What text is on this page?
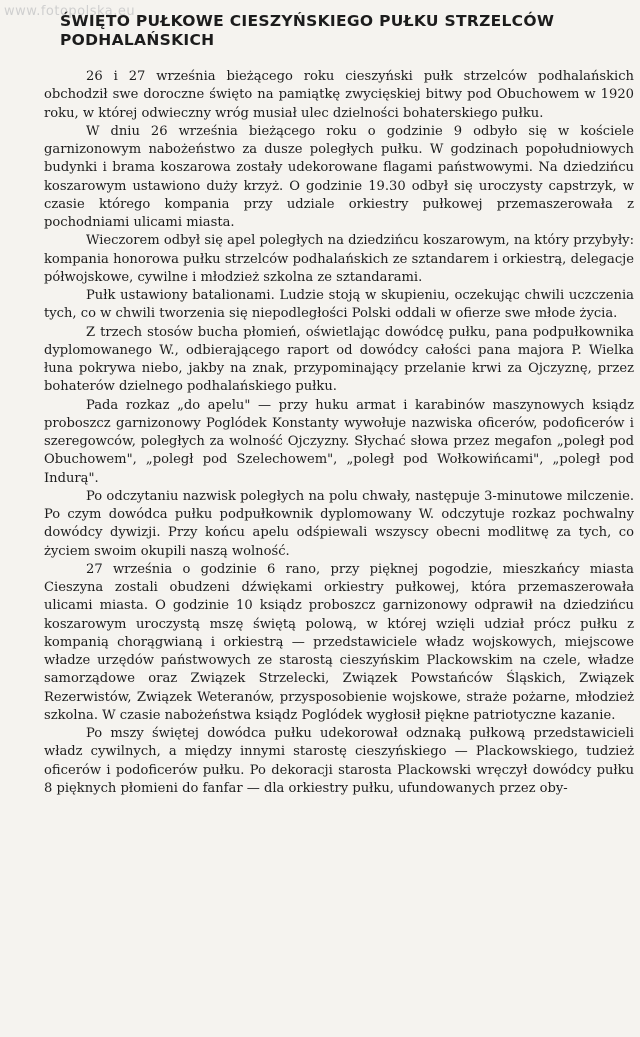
www.fotopolska.eu
ŚWIĘTO PUŁKOWE CIESZYŃSKIEGO PUŁKU STRZELCÓW PODHALAŃSKICH

26 i 27 września bieżącego roku cieszyński pułk strzelców podhalańskich obchodził swe doroczne święto na pamiątkę zwycięskiej bitwy pod Obuchowem w 1920 roku, w której odwieczny wróg musiał ulec dzielności bohaterskiego pułku.

W dniu 26 września bieżącego roku o godzinie 9 odbyło się w kościele garnizonowym nabożeństwo za dusze poległych pułku. W godzinach popołudniowych budynki i brama koszarowa zostały udekorowane flagami państwowymi. Na dziedzińcu koszarowym ustawiono duży krzyż. O godzinie 19.30 odbył się uroczysty capstrzyk, w czasie którego kompania przy udziale orkiestry pułkowej przemaszerowała z pochodniami ulicami miasta.

Wieczorem odbył się apel poległych na dziedzińcu koszarowym, na który przybyły: kompania honorowa pułku strzelców podhalańskich ze sztandarem i orkiestrą, delegacje półwojskowe, cywilne i młodzież szkolna ze sztandarami.

Pułk ustawiony batalionami. Ludzie stoją w skupieniu, oczekując chwili uczczenia tych, co w chwili tworzenia się niepodległości Polski oddali w ofierze swe młode życia.

Z trzech stosów bucha płomień, oświetlając dowódcę pułku, pana podpułkownika dyplomowanego W., odbierającego raport od dowódcy całości pana majora P. Wielka łuna pokrywa niebo, jakby na znak, przypominający przelanie krwi za Ojczyznę, przez bohaterów dzielnego podhalańskiego pułku.

Pada rozkaz „do apelu" — przy huku armat i karabinów maszynowych ksiądz proboszcz garnizonowy Poglódek Konstanty wywołuje nazwiska oficerów, podoficerów i szeregowców, poległych za wolność Ojczyzny. Słychać słowa przez megafon „poległ pod Obuchowem", „poległ pod Szelechowem", „poległ pod Wołkowińcami", „poległ pod Indurą".

Po odczytaniu nazwisk poległych na polu chwały, następuje 3-minutowe milczenie. Po czym dowódca pułku podpułkownik dyplomowany W. odczytuje rozkaz pochwalny dowódcy dywizji. Przy końcu apelu odśpiewali wszyscy obecni modlitwę za tych, co życiem swoim okupili naszą wolność.

27 września o godzinie 6 rano, przy pięknej pogodzie, mieszkańcy miasta Cieszyna zostali obudzeni dźwiękami orkiestry pułkowej, która przemaszerowała ulicami miasta. O godzinie 10 ksiądz proboszcz garnizonowy odprawił na dziedzińcu koszarowym uroczystą mszę świętą polową, w której wzięli udział prócz pułku z kompanią chorągwianą i orkiestrą — przedstawiciele władz wojskowych, miejscowe władze urzędów państwowych ze starostą cieszyńskim Plackowskim na czele, władze samorządowe oraz Związek Strzelecki, Związek Powstańców Śląskich, Związek Rezerwistów, Związek Weteranów, przysposobienie wojskowe, straże pożarne, młodzież szkolna. W czasie nabożeństwa ksiądz Poglódek wygłosił piękne patriotyczne kazanie.

Po mszy świętej dowódca pułku udekorował odznaką pułkową przedstawicieli władz cywilnych, a między innymi starostę cieszyńskiego — Plackowskiego, tudzież oficerów i podoficerów pułku. Po dekoracji starosta Plackowski wręczył dowódcy pułku 8 pięknych płomieni do fanfar — dla orkiestry pułku, ufundowanych przez oby-
